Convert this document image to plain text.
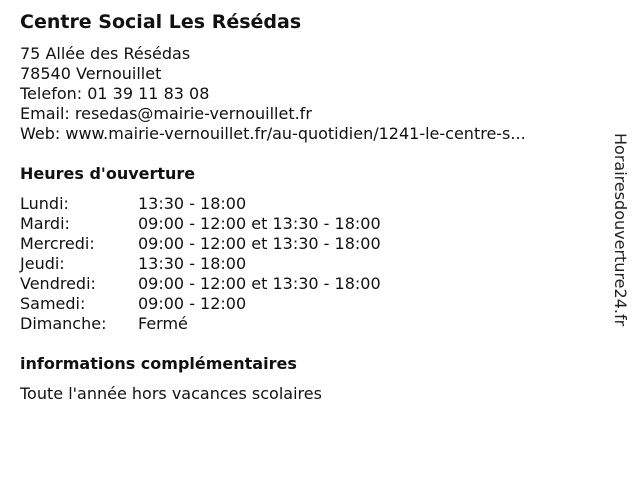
Centre Social Les Résédas
75 Allée des Résédas
78540 Vernouillet
Telefon: 01 39 11 83 08
Email: resedas@mairie-vernouillet.fr
Web: www.mairie-vernouillet.fr/au-quotidien/1241-le-centre-s...
Heures d'ouverture
Lundi:	13:30 - 18:00
Mardi:	09:00 - 12:00 et 13:30 - 18:00
Mercredi:	09:00 - 12:00 et 13:30 - 18:00
Jeudi:	13:30 - 18:00
Vendredi:	09:00 - 12:00 et 13:30 - 18:00
Samedi:	09:00 - 12:00
Dimanche:	Fermé
informations complémentaires

Toute l'année hors vacances scolaires

Horairesdouverture24.fr
